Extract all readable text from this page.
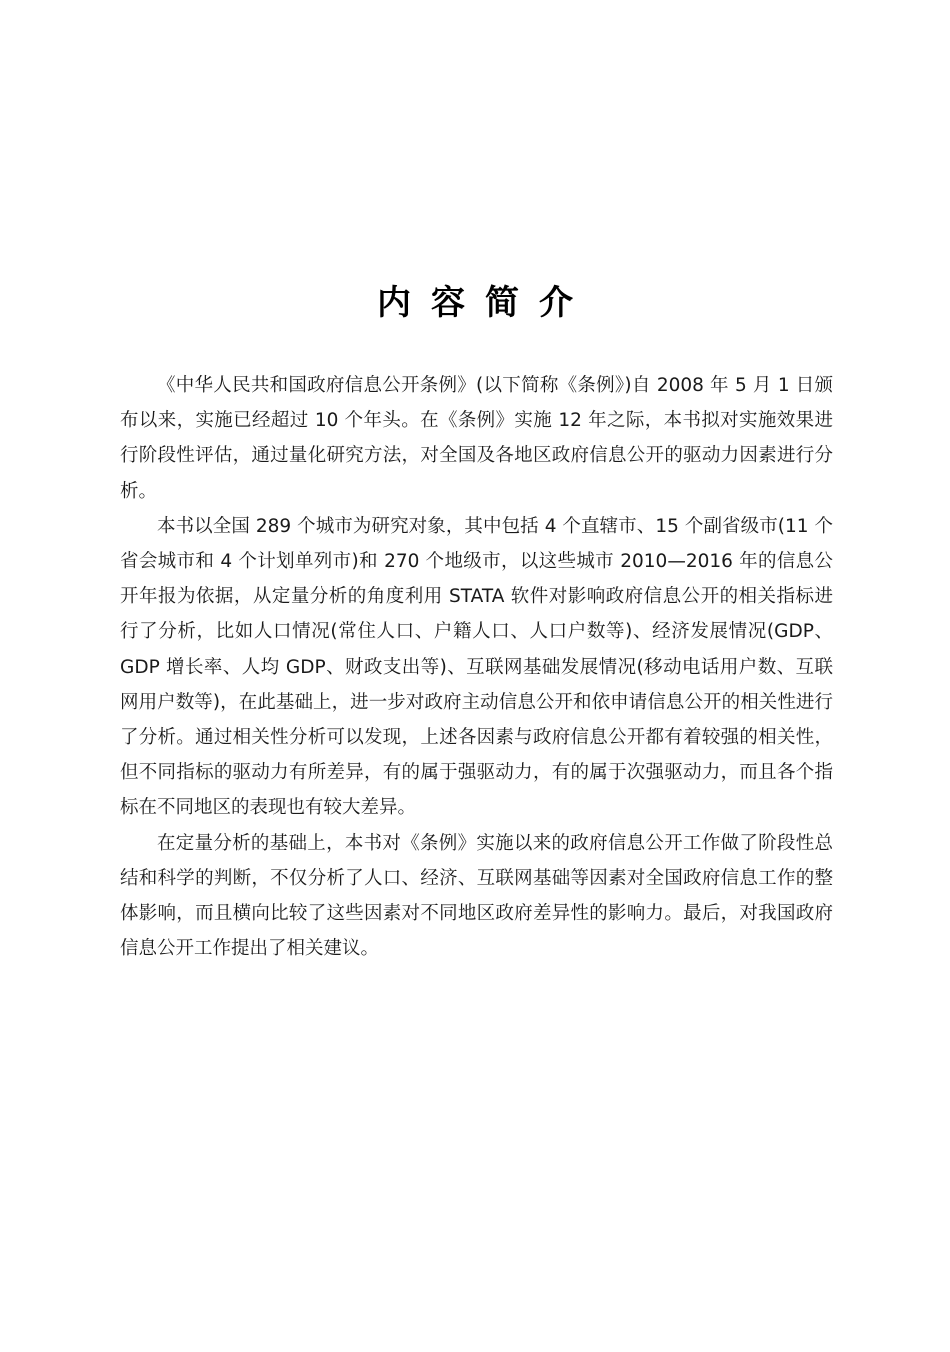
内容简介

《中华人民共和国政府信息公开条例》(以下简称《条例》)自 2008 年 5 月 1 日颁布以来，实施已经超过 10 个年头。在《条例》实施 12 年之际，本书拟对实施效果进行阶段性评估，通过量化研究方法，对全国及各地区政府信息公开的驱动力因素进行分析。

本书以全国 289 个城市为研究对象，其中包括 4 个直辖市、15 个副省级市(11 个省会城市和 4 个计划单列市)和 270 个地级市，以这些城市 2010—2016 年的信息公开年报为依据，从定量分析的角度利用 STATA 软件对影响政府信息公开的相关指标进行了分析，比如人口情况(常住人口、户籍人口、人口户数等)、经济发展情况(GDP、GDP 增长率、人均 GDP、财政支出等)、互联网基础发展情况(移动电话用户数、互联网用户数等)，在此基础上，进一步对政府主动信息公开和依申请信息公开的相关性进行了分析。通过相关性分析可以发现，上述各因素与政府信息公开都有着较强的相关性，但不同指标的驱动力有所差异，有的属于强驱动力，有的属于次强驱动力，而且各个指标在不同地区的表现也有较大差异。

在定量分析的基础上，本书对《条例》实施以来的政府信息公开工作做了阶段性总结和科学的判断，不仅分析了人口、经济、互联网基础等因素对全国政府信息工作的整体影响，而且横向比较了这些因素对不同地区政府差异性的影响力。最后，对我国政府信息公开工作提出了相关建议。
